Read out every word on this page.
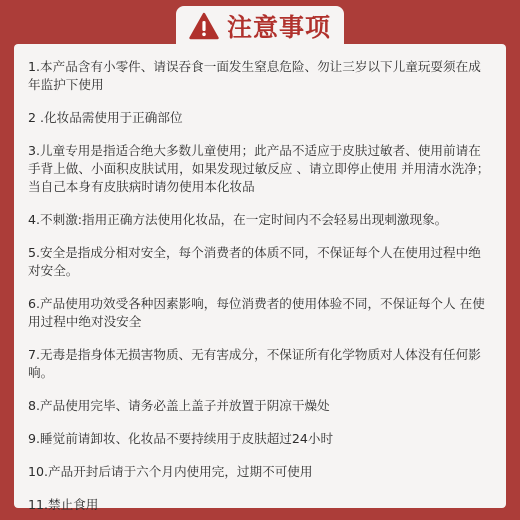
注意事项

1.本产品含有小零件、请误吞食一面发生窒息危险、勿让三岁以下儿童玩耍须在成年监护下使用

2 .化妆品需使用于正确部位

3.儿童专用是指适合绝大多数儿童使用；此产品不适应于皮肤过敏者、使用前请在手背上做、小面积皮肤试用，如果发现过敏反应 、请立即停止使用 并用清水洗净；当自己本身有皮肤病时请勿使用本化妆品

4.不刺激:指用正确方法使用化妆品，在一定时间内不会轻易出现刺激现象。

5.安全是指成分相对安全，每个消费者的体质不同，不保证每个人在使用过程中绝对安全。

6.产品使用功效受各种因素影响，每位消费者的使用体验不同，不保证每个人 在使用过程中绝对没安全

7.无毒是指身体无损害物质、无有害成分，不保证所有化学物质对人体没有任何影响。

8.产品使用完毕、请务必盖上盖子并放置于阴凉干燥处

9.睡觉前请卸妆、化妆品不要持续用于皮肤超过24小时

10.产品开封后请于六个月内使用完，过期不可使用

11.禁止食用
